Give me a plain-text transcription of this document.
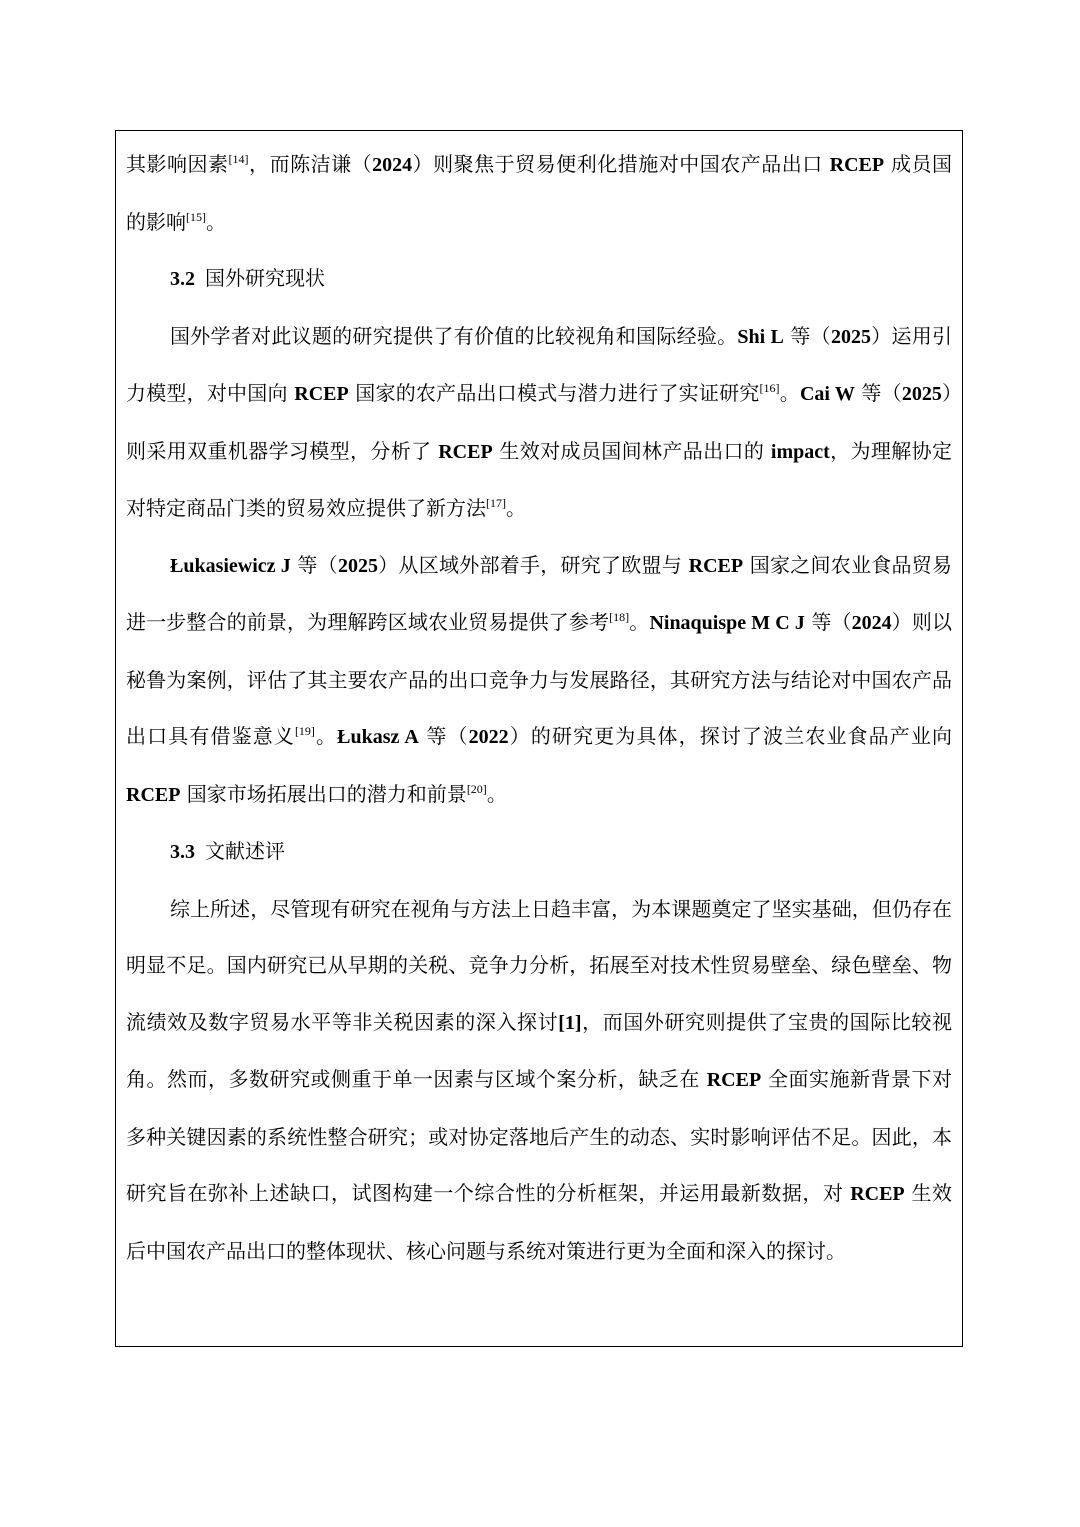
其影响因素[14]，而陈洁谦（2024）则聚焦于贸易便利化措施对中国农产品出口 RCEP 成员国的影响[15]。

3.2 国外研究现状

国外学者对此议题的研究提供了有价值的比较视角和国际经验。Shi L 等（2025）运用引力模型，对中国向 RCEP 国家的农产品出口模式与潜力进行了实证研究[16]。Cai W 等（2025）则采用双重机器学习模型，分析了 RCEP 生效对成员国间林产品出口的 impact，为理解协定对特定商品门类的贸易效应提供了新方法[17]。

Łukasiewicz J 等（2025）从区域外部着手，研究了欧盟与 RCEP 国家之间农业食品贸易进一步整合的前景，为理解跨区域农业贸易提供了参考[18]。Ninaquispe M C J 等（2024）则以秘鲁为案例，评估了其主要农产品的出口竞争力与发展路径，其研究方法与结论对中国农产品出口具有借鉴意义[19]。Łukasz A 等（2022）的研究更为具体，探讨了波兰农业食品产业向 RCEP 国家市场拓展出口的潜力和前景[20]。

3.3 文献述评

综上所述，尽管现有研究在视角与方法上日趋丰富，为本课题奠定了坚实基础，但仍存在明显不足。国内研究已从早期的关税、竞争力分析，拓展至对技术性贸易壁垒、绿色壁垒、物流绩效及数字贸易水平等非关税因素的深入探讨[1]，而国外研究则提供了宝贵的国际比较视角。然而，多数研究或侧重于单一因素与区域个案分析，缺乏在 RCEP 全面实施新背景下对多种关键因素的系统性整合研究；或对协定落地后产生的动态、实时影响评估不足。因此，本研究旨在弥补上述缺口，试图构建一个综合性的分析框架，并运用最新数据，对 RCEP 生效后中国农产品出口的整体现状、核心问题与系统对策进行更为全面和深入的探讨。
